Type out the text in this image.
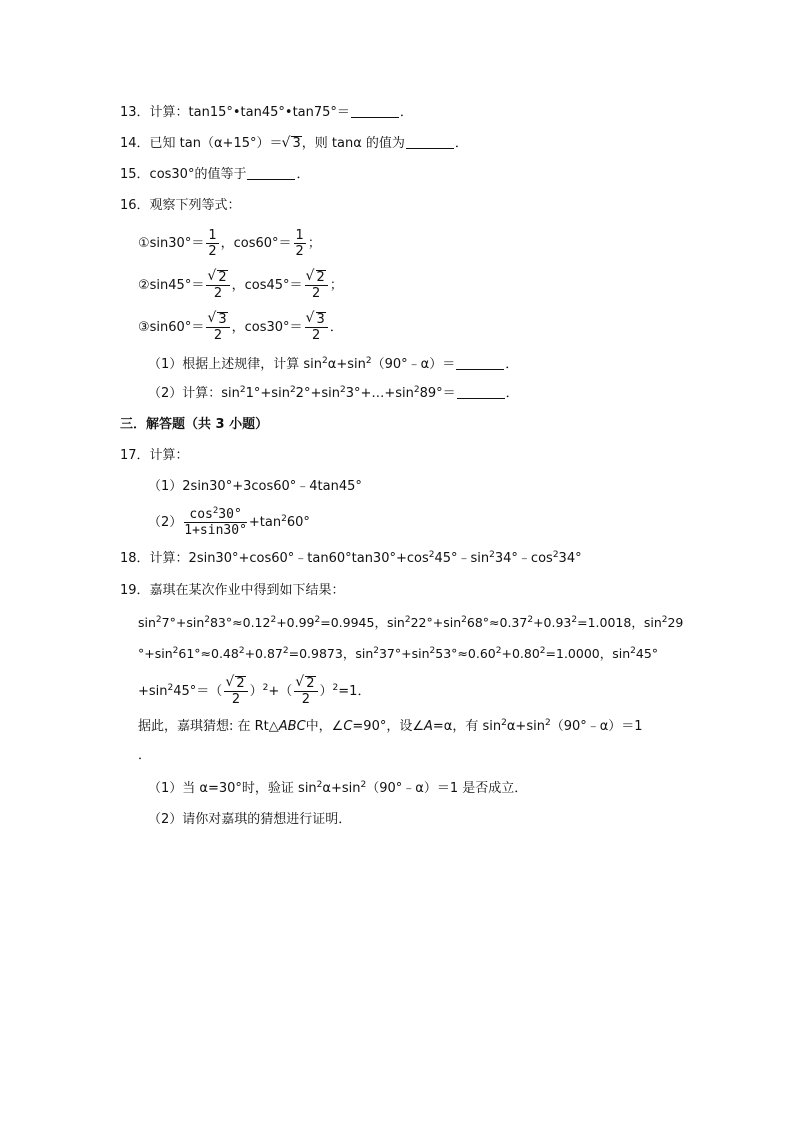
13．计算：tan15°•tan45°•tan75°＝	．
14．已知 tan（α+15°）＝ √ 3，则 tanα 的值为	．
15．cos30°的值等于	．
16．观察下列等式：
①sin30°＝ $\frac{1}{2}$ ，$\cos 60^\circ= \frac{1}{2}$ ；
②sin45°＝ √ $\frac{2}{2}$ ，cos45°＝ √ $\frac{2}{2}$ ；
③sin60°＝ √ $\frac{3}{2}$ ，cos30°＝ √ $\frac{3}{2}$ ．
（1）根据上述规律，计算 $\sin^2\alpha+\sin^2(90^\circ﹣\alpha)=$	．
（2）计算：$\sin^21^\circ+\sin^22^\circ+\sin^23^\circ+\dots+\sin^289^\circ=$	．
三．解答题（共 3 小题）
17．计算：
（1）2sin30°+3cos60°﹣4tan45°
$(2) \frac{\cos^230^\circ}{1+\sin 30^\circ} +\tan^260^\circ$
18．计算：$2\sin 30^\circ+\cos 60^\circ﹣\tan 60^\circ\tan 30^\circ+\cos^245^\circ﹣\sin^234^\circ﹣\cos^234^\circ$
19．嘉琪在某次作业中得到如下结果：
$\sin^27^\circ+\sin^283^\circ\approx 0.12^2+0.99^2=0.9945$，$\sin^222^\circ+\sin^268^\circ\approx 0.37^2+0.93^2=1.0018$，$\sin^229$
$^\circ+\sin^261^\circ\approx 0.48^2+0.87^2=0.9873$，$\sin^237^\circ+\sin^253^\circ\approx 0.60^2+0.80^2=1.0000$，$\sin^245^\circ$
$+\sin^245^\circ=$（ √ $\frac{2}{2} )^2+$（ √ $\frac{2}{2} )^2=1$．
据此，嘉琪猜想: 在 Rt△ABC中，∠C=90°，设∠A=α，有 $\sin^2\alpha+\sin^2(90^\circ﹣\alpha)=1$
．
（1）当 α=30°时，验证 $\sin^2\alpha+\sin^2(90^\circ﹣\alpha)=1$ 是否成立．
（2）请你对嘉琪的猜想进行证明．
